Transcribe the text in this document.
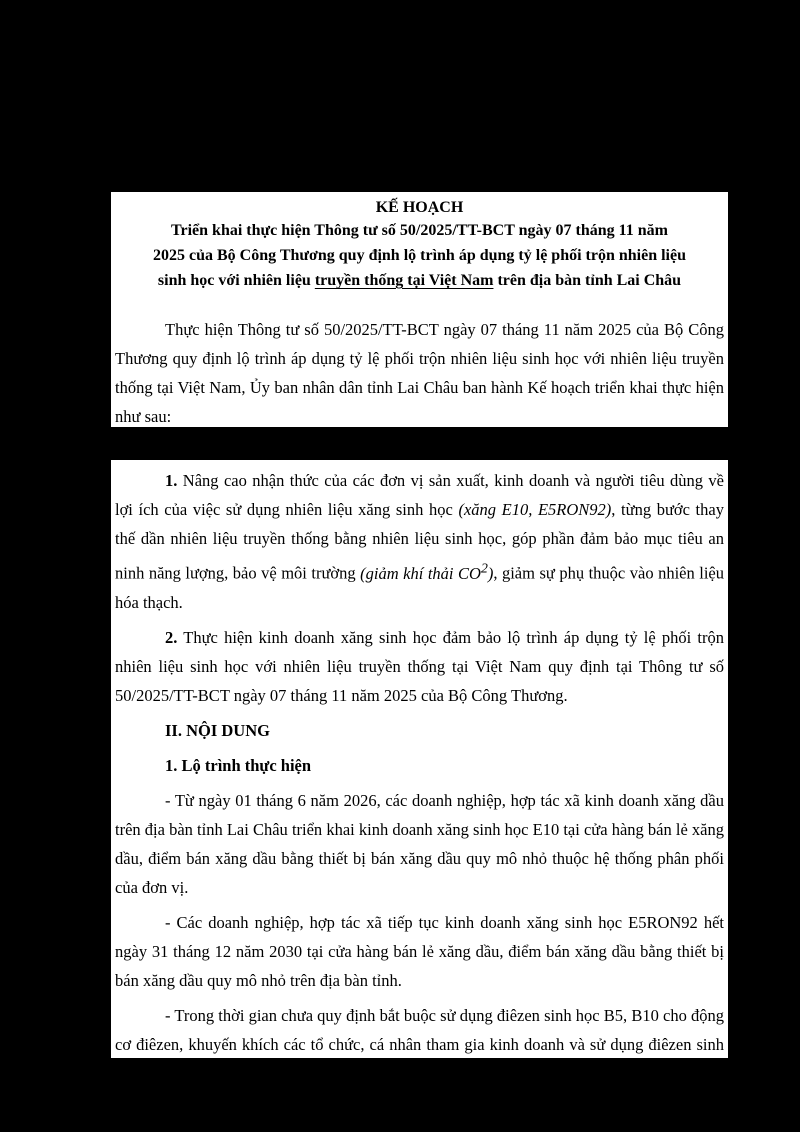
KẾ HOẠCH
Triển khai thực hiện Thông tư số 50/2025/TT-BCT ngày 07 tháng 11 năm
2025 của Bộ Công Thương quy định lộ trình áp dụng tỷ lệ phối trộn nhiên liệu
sinh học với nhiên liệu truyền thống tại Việt Nam trên địa bàn tỉnh Lai Châu

Thực hiện Thông tư số 50/2025/TT-BCT ngày 07 tháng 11 năm 2025 của Bộ Công Thương quy định lộ trình áp dụng tỷ lệ phối trộn nhiên liệu sinh học với nhiên liệu truyền thống tại Việt Nam, Ủy ban nhân dân tỉnh Lai Châu ban hành Kế hoạch triển khai thực hiện như sau:

1. Nâng cao nhận thức của các đơn vị sản xuất, kinh doanh và người tiêu dùng về lợi ích của việc sử dụng nhiên liệu xăng sinh học (xăng E10, E5RON92), từng bước thay thế dần nhiên liệu truyền thống bằng nhiên liệu sinh học, góp phần đảm bảo mục tiêu an ninh năng lượng, bảo vệ môi trường (giảm khí thải $CO^2$), giảm sự phụ thuộc vào nhiên liệu hóa thạch.

2. Thực hiện kinh doanh xăng sinh học đảm bảo lộ trình áp dụng tỷ lệ phối trộn nhiên liệu sinh học với nhiên liệu truyền thống tại Việt Nam quy định tại Thông tư số 50/2025/TT-BCT ngày 07 tháng 11 năm 2025 của Bộ Công Thương.

II. NỘI DUNG
1. Lộ trình thực hiện

- Từ ngày 01 tháng 6 năm 2026, các doanh nghiệp, hợp tác xã kinh doanh xăng dầu trên địa bàn tỉnh Lai Châu triển khai kinh doanh xăng sinh học E10 tại cửa hàng bán lẻ xăng dầu, điểm bán xăng dầu bằng thiết bị bán xăng dầu quy mô nhỏ thuộc hệ thống phân phối của đơn vị.

- Các doanh nghiệp, hợp tác xã tiếp tục kinh doanh xăng sinh học E5RON92 hết ngày 31 tháng 12 năm 2030 tại cửa hàng bán lẻ xăng dầu, điểm bán xăng dầu bằng thiết bị bán xăng dầu quy mô nhỏ trên địa bàn tỉnh.

- Trong thời gian chưa quy định bắt buộc sử dụng điêzen sinh học B5, B10 cho động cơ điêzen, khuyến khích các tổ chức, cá nhân tham gia kinh doanh và sử dụng điêzen sinh học B5, B10.
